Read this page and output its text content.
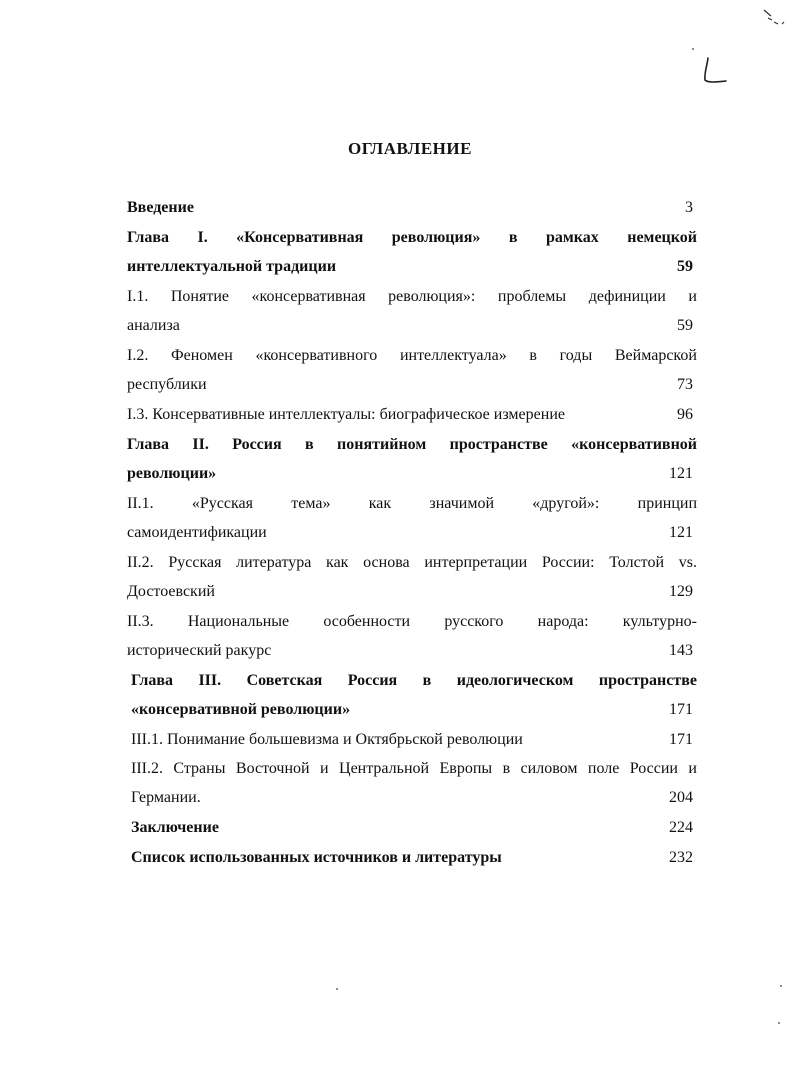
ОГЛАВЛЕНИЕ
Введение	3
Глава I. «Консервативная революция» в рамках немецкой
интеллектуальной традиции	59
I.1. Понятие «консервативная революция»: проблемы дефиниции и
анализа	59
I.2. Феномен «консервативного интеллектуала» в годы Веймарской
республики	73
I.3. Консервативные интеллектуалы: биографическое измерение	96
Глава II. Россия в понятийном пространстве «консервативной
революции»	121
II.1. «Русская тема» как значимой «другой»: принцип
самоидентификации	121
II.2. Русская литература как основа интерпретации России: Толстой vs.
Достоевский	129
II.3. Национальные особенности русского народа: культурно-
исторический ракурс	143
Глава III. Советская Россия в идеологическом пространстве
«консервативной революции»	171
III.1. Понимание большевизма и Октябрьской революции	171
III.2. Страны Восточной и Центральной Европы в силовом поле России и
Германии.	204
Заключение	224
Список использованных источников и литературы	232
